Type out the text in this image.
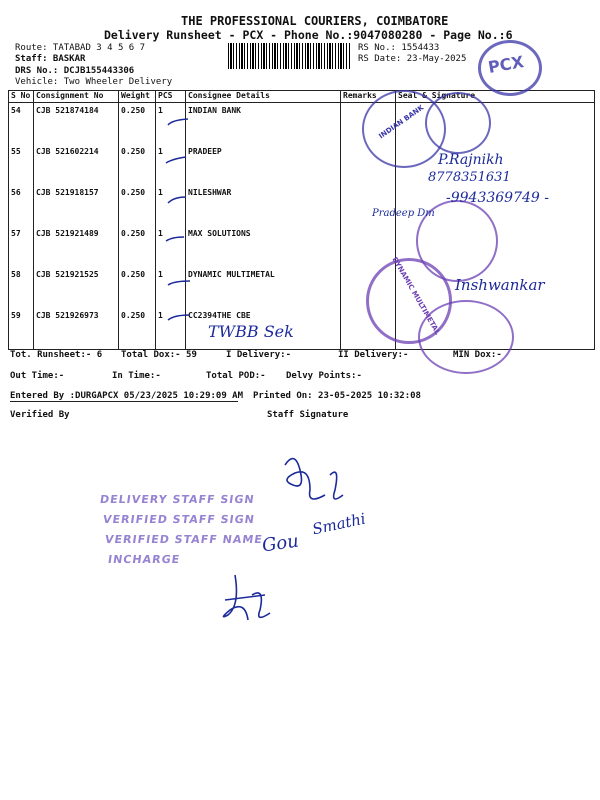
THE PROFESSIONAL COURIERS, COIMBATORE
Delivery Runsheet - PCX - Phone No.:9047080280 - Page No.:6
Route: TATABAD 3 4 5 6 7
Staff: BASKAR
DRS No.: DCJB155443306
Vehicle: Two Wheeler Delivery
RS No.: 1554433
RS Date: 23-May-2025
S No	Consignment No	Weight	PCS	Consignee Details	Remarks	Seal & Signature
54	CJB 521874184	0.250	1	INDIAN BANK		
55	CJB 521602214	0.250	1	PRADEEP		
56	CJB 521918157	0.250	1	NILESHWAR		
57	CJB 521921489	0.250	1	MAX SOLUTIONS		
58	CJB 521921525	0.250	1	DYNAMIC MULTIMETAL		
59	CJB 521926973	0.250	1	CC2394THE CBE		
PCX
INDIAN BANK
DYNAMIC MULTIMETAL
P.Rajnikh
8778351631
-9943369749 -
Pradeep Dm
Inshwankar
TWBB Sek
Tot. Runsheet:- 6 Total Dox:- 59	I Delivery:-	II Delivery:-	MIN Dox:-
Out Time:-	In Time:-	Total POD:- Delvy Points:-
Entered By :DURGAPCX 05/23/2025 10:29:09 AM Printed On: 23-05-2025 10:32:08
Verified By	Staff Signature
DELIVERY STAFF SIGN
VERIFIED STAFF SIGN
VERIFIED STAFF NAME
INCHARGE
Smathi
Gou
